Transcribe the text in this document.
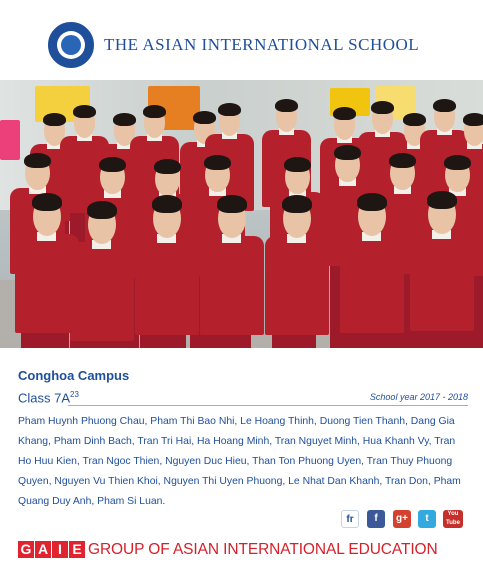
THE ASIAN INTERNATIONAL SCHOOL
Conghoa Campus
Class $7A^{23}$	School year 2017 - 2018
Pham Huynh Phuong Chau, Pham Thi Bao Nhi, Le Hoang Thinh, Duong Tien Thanh, Dang Gia Khang, Pham Dinh Bach, Tran Tri Hai, Ha Hoang Minh, Tran Nguyet Minh, Hua Khanh Vy, Tran Ho Huu Kien, Tran Ngoc Thien, Nguyen Duc Hieu, Than Ton Phuong Uyen, Tran Thuy Phuong Quyen, Nguyen Vu Thien Khoi, Nguyen Thi Uyen Phuong, Le Nhat Dan Khanh, Tran Don, Pham Quang Duy Anh, Pham Si Luan.
fr	f	g+	t	You Tube
G A I E GROUP OF ASIAN INTERNATIONAL EDUCATION
